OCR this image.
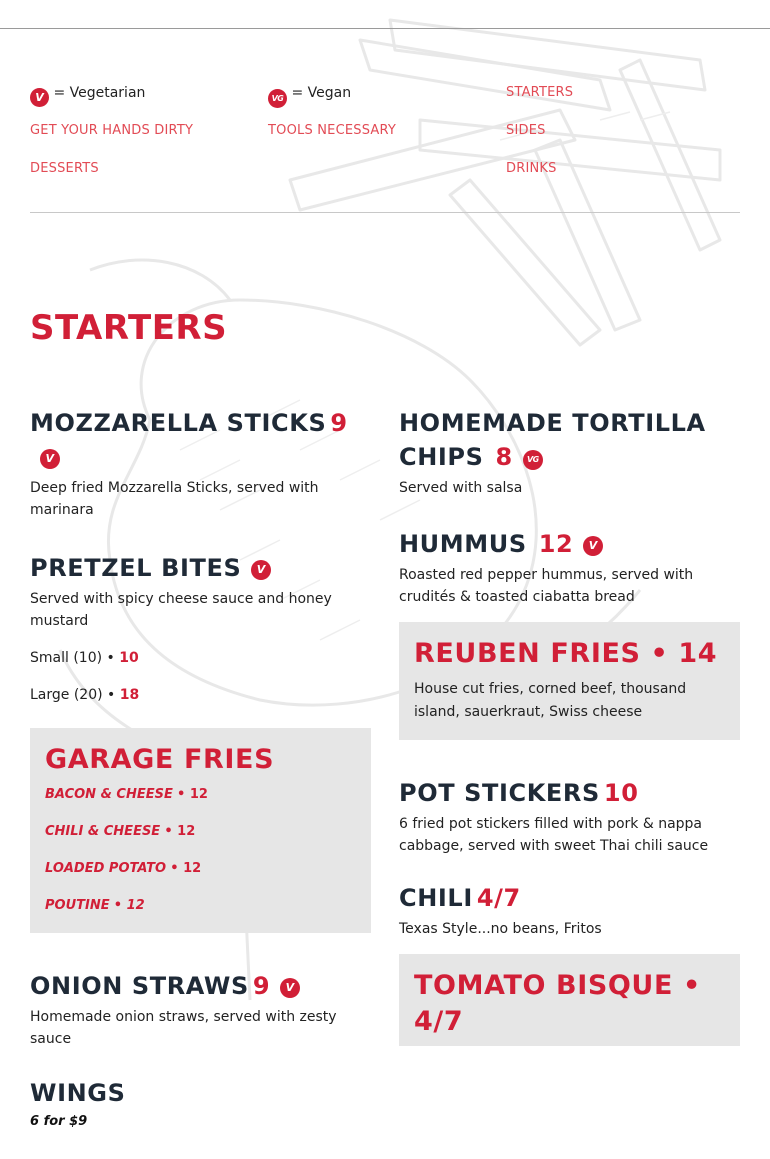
V = Vegetarian	VG = Vegan	STARTERS
GET YOUR HANDS DIRTY	TOOLS NECESSARY	SIDES
DESSERTS	DRINKS
STARTERS
MOZZARELLA STICKS 9V

Deep fried Mozzarella Sticks, served with marinara

PRETZEL BITES V

Served with spicy cheese sauce and honey mustard

Small (10) • 10

Large (20) • 18

GARAGE FRIES

BACON & CHEESE • 12

CHILI & CHEESE • 12

LOADED POTATO • 12

POUTINE • 12

ONION STRAWS 9 V

Homemade onion straws, served with zesty sauce

WINGS

6 for $9

HOMEMADE TORTILLA
CHIPS 8 VG

Served with salsa

HUMMUS 12 V

Roasted red pepper hummus, served with crudités & toasted ciabatta bread

REUBEN FRIES • 14

House cut fries, corned beef, thousand island, sauerkraut, Swiss cheese

POT STICKERS 10

6 fried pot stickers filled with pork & nappa cabbage, served with sweet Thai chili sauce

CHILI 4/7

Texas Style...no beans, Fritos

TOMATO BISQUE • 4/7
